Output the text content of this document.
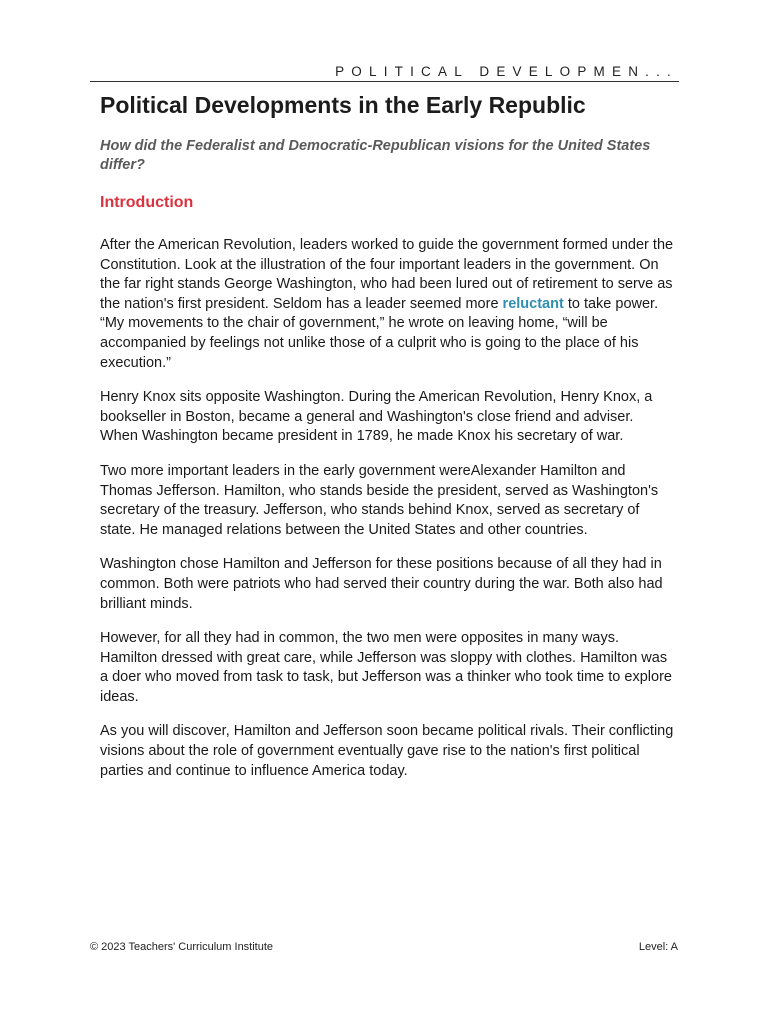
POLITICAL DEVELOPMEN...
Political Developments in the Early Republic

How did the Federalist and Democratic-Republican visions for the United States differ?

Introduction

After the American Revolution, leaders worked to guide the government formed under the Constitution. Look at the illustration of the four important leaders in the government. On the far right stands George Washington, who had been lured out of retirement to serve as the nation's first president. Seldom has a leader seemed more reluctant to take power. “My movements to the chair of government,” he wrote on leaving home, “will be accompanied by feelings not unlike those of a culprit who is going to the place of his execution.”

Henry Knox sits opposite Washington. During the American Revolution, Henry Knox, a bookseller in Boston, became a general and Washington's close friend and adviser. When Washington became president in 1789, he made Knox his secretary of war.

Two more important leaders in the early government wereAlexander Hamilton and Thomas Jefferson. Hamilton, who stands beside the president, served as Washington's secretary of the treasury. Jefferson, who stands behind Knox, served as secretary of state. He managed relations between the United States and other countries.

Washington chose Hamilton and Jefferson for these positions because of all they had in common. Both were patriots who had served their country during the war. Both also had brilliant minds.

However, for all they had in common, the two men were opposites in many ways. Hamilton dressed with great care, while Jefferson was sloppy with clothes. Hamilton was a doer who moved from task to task, but Jefferson was a thinker who took time to explore ideas.

As you will discover, Hamilton and Jefferson soon became political rivals. Their conflicting visions about the role of government eventually gave rise to the nation's first political parties and continue to influence America today.

© 2023 Teachers' Curriculum Institute	Level: A
